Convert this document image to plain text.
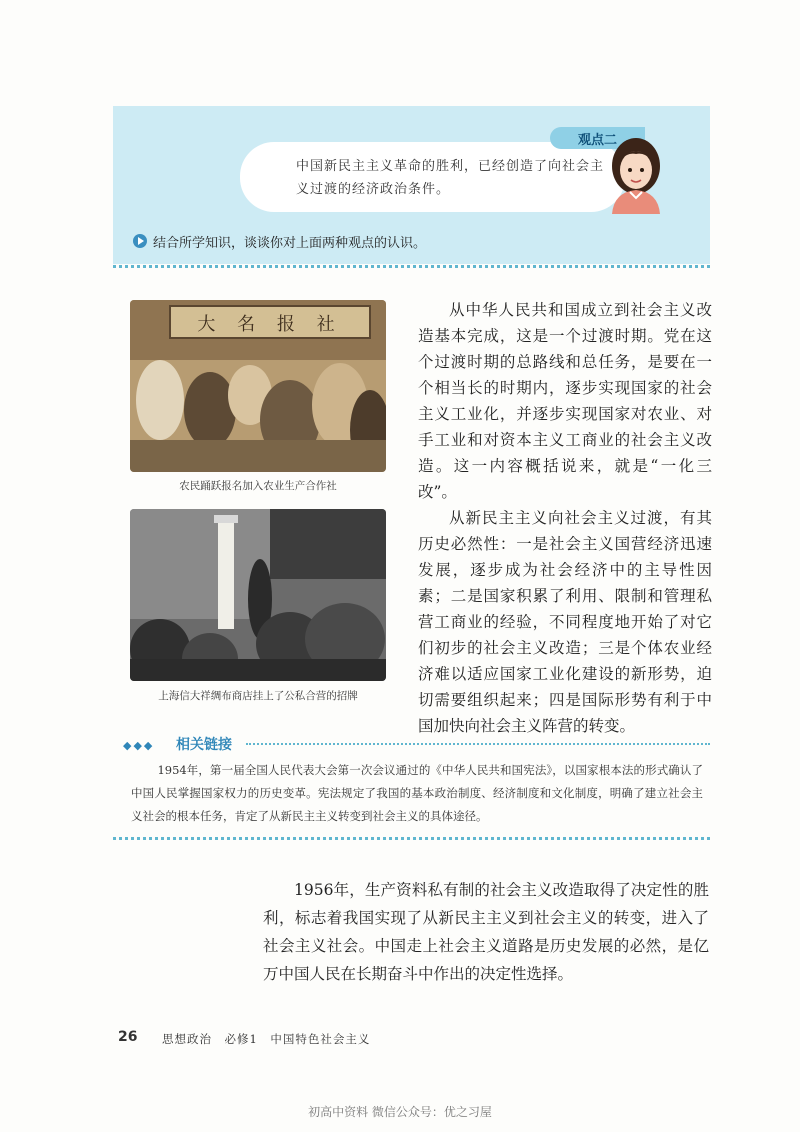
观点二
中国新民主主义革命的胜利，已经创造了向社会主义过渡的经济政治条件。
结合所学知识，谈谈你对上面两种观点的认识。
大 名 报 社
农民踊跃报名加入农业生产合作社
上海信大祥绸布商店挂上了公私合营的招牌

从中华人民共和国成立到社会主义改造基本完成，这是一个过渡时期。党在这个过渡时期的总路线和总任务，是要在一个相当长的时期内，逐步实现国家的社会主义工业化，并逐步实现国家对农业、对手工业和对资本主义工商业的社会主义改造。这一内容概括说来，就是“一化三改”。

从新民主主义向社会主义过渡，有其历史必然性：一是社会主义国营经济迅速发展，逐步成为社会经济中的主导性因素；二是国家积累了利用、限制和管理私营工商业的经验，不同程度地开始了对它们初步的社会主义改造；三是个体农业经济难以适应国家工业化建设的新形势，迫切需要组织起来；四是国际形势有利于中国加快向社会主义阵营的转变。

◆◆◆ 相关链接

1954年，第一届全国人民代表大会第一次会议通过的《中华人民共和国宪法》，以国家根本法的形式确认了中国人民掌握国家权力的历史变革。宪法规定了我国的基本政治制度、经济制度和文化制度，明确了建立社会主义社会的根本任务，肯定了从新民主主义转变到社会主义的具体途径。

1956年，生产资料私有制的社会主义改造取得了决定性的胜利，标志着我国实现了从新民主主义到社会主义的转变，进入了社会主义社会。中国走上社会主义道路是历史发展的必然，是亿万中国人民在长期奋斗中作出的决定性选择。

26 思想政治　必修1　中国特色社会主义
初高中资料 微信公众号：优之习屋
